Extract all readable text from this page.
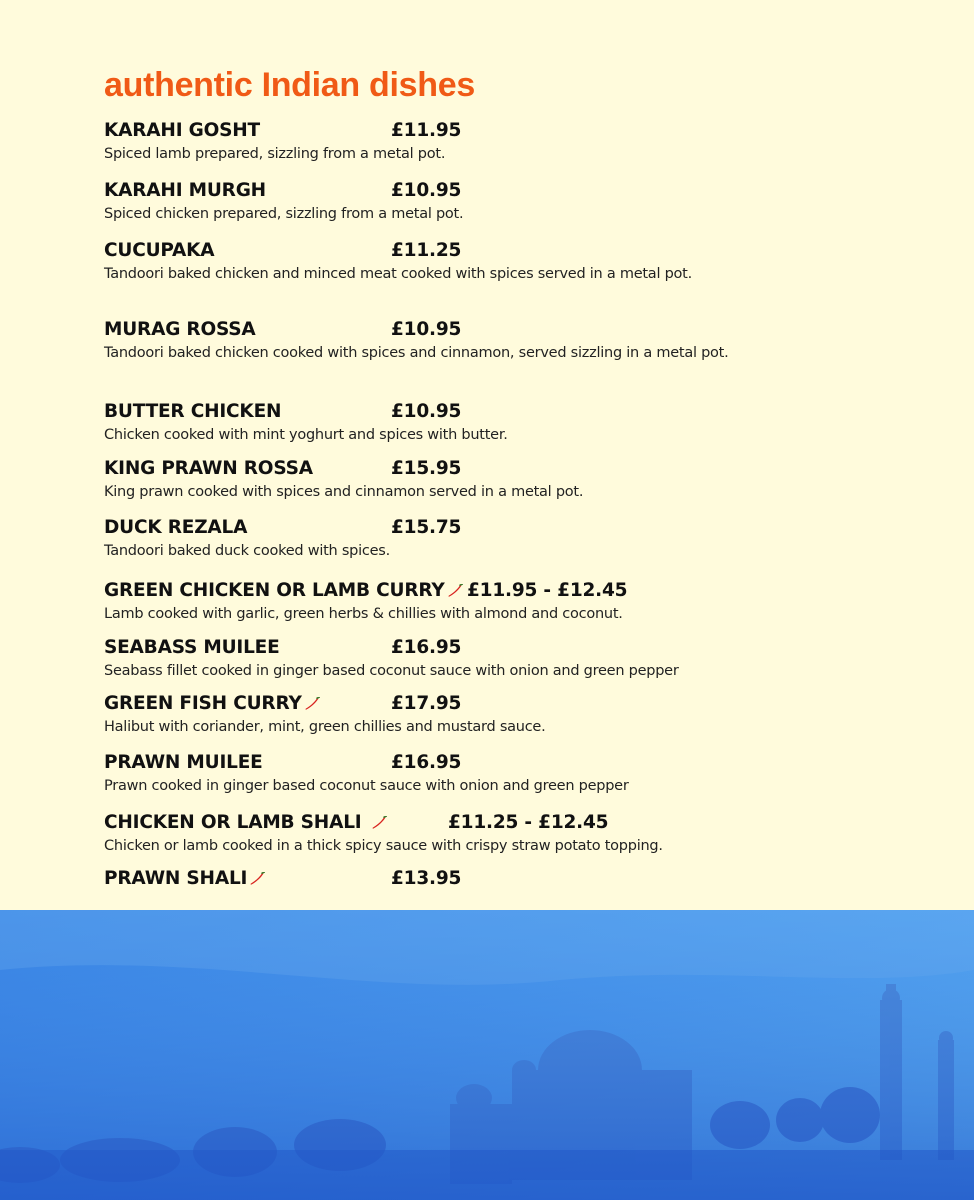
authentic Indian dishes
KARAHI GOSHT	£11.95
Spiced lamb prepared, sizzling from a metal pot.
KARAHI MURGH	£10.95
Spiced chicken prepared, sizzling from a metal pot.
CUCUPAKA	£11.25
Tandoori baked chicken and minced meat cooked with spices served in a metal pot.
MURAG ROSSA	£10.95
Tandoori baked chicken cooked with spices and cinnamon, served sizzling in a metal pot.
BUTTER CHICKEN	£10.95
Chicken cooked with mint yoghurt and spices with butter.
KING PRAWN ROSSA	£15.95
King prawn cooked with spices and cinnamon served in a metal pot.
DUCK REZALA	£15.75
Tandoori baked duck cooked with spices.
GREEN CHICKEN OR LAMB CURRY	£11.95 - £12.45
Lamb cooked with garlic, green herbs & chillies with almond and coconut.
SEABASS MUILEE	£16.95
Seabass fillet cooked in ginger based coconut sauce with onion and green pepper
GREEN FISH CURRY	£17.95
Halibut with coriander, mint, green chillies and mustard sauce.
PRAWN MUILEE	£16.95
Prawn cooked in ginger based coconut sauce with onion and green pepper
CHICKEN OR LAMB SHALI	£11.25 - £12.45
Chicken or lamb cooked in a thick spicy sauce with crispy straw potato topping.
PRAWN SHALI	£13.95
